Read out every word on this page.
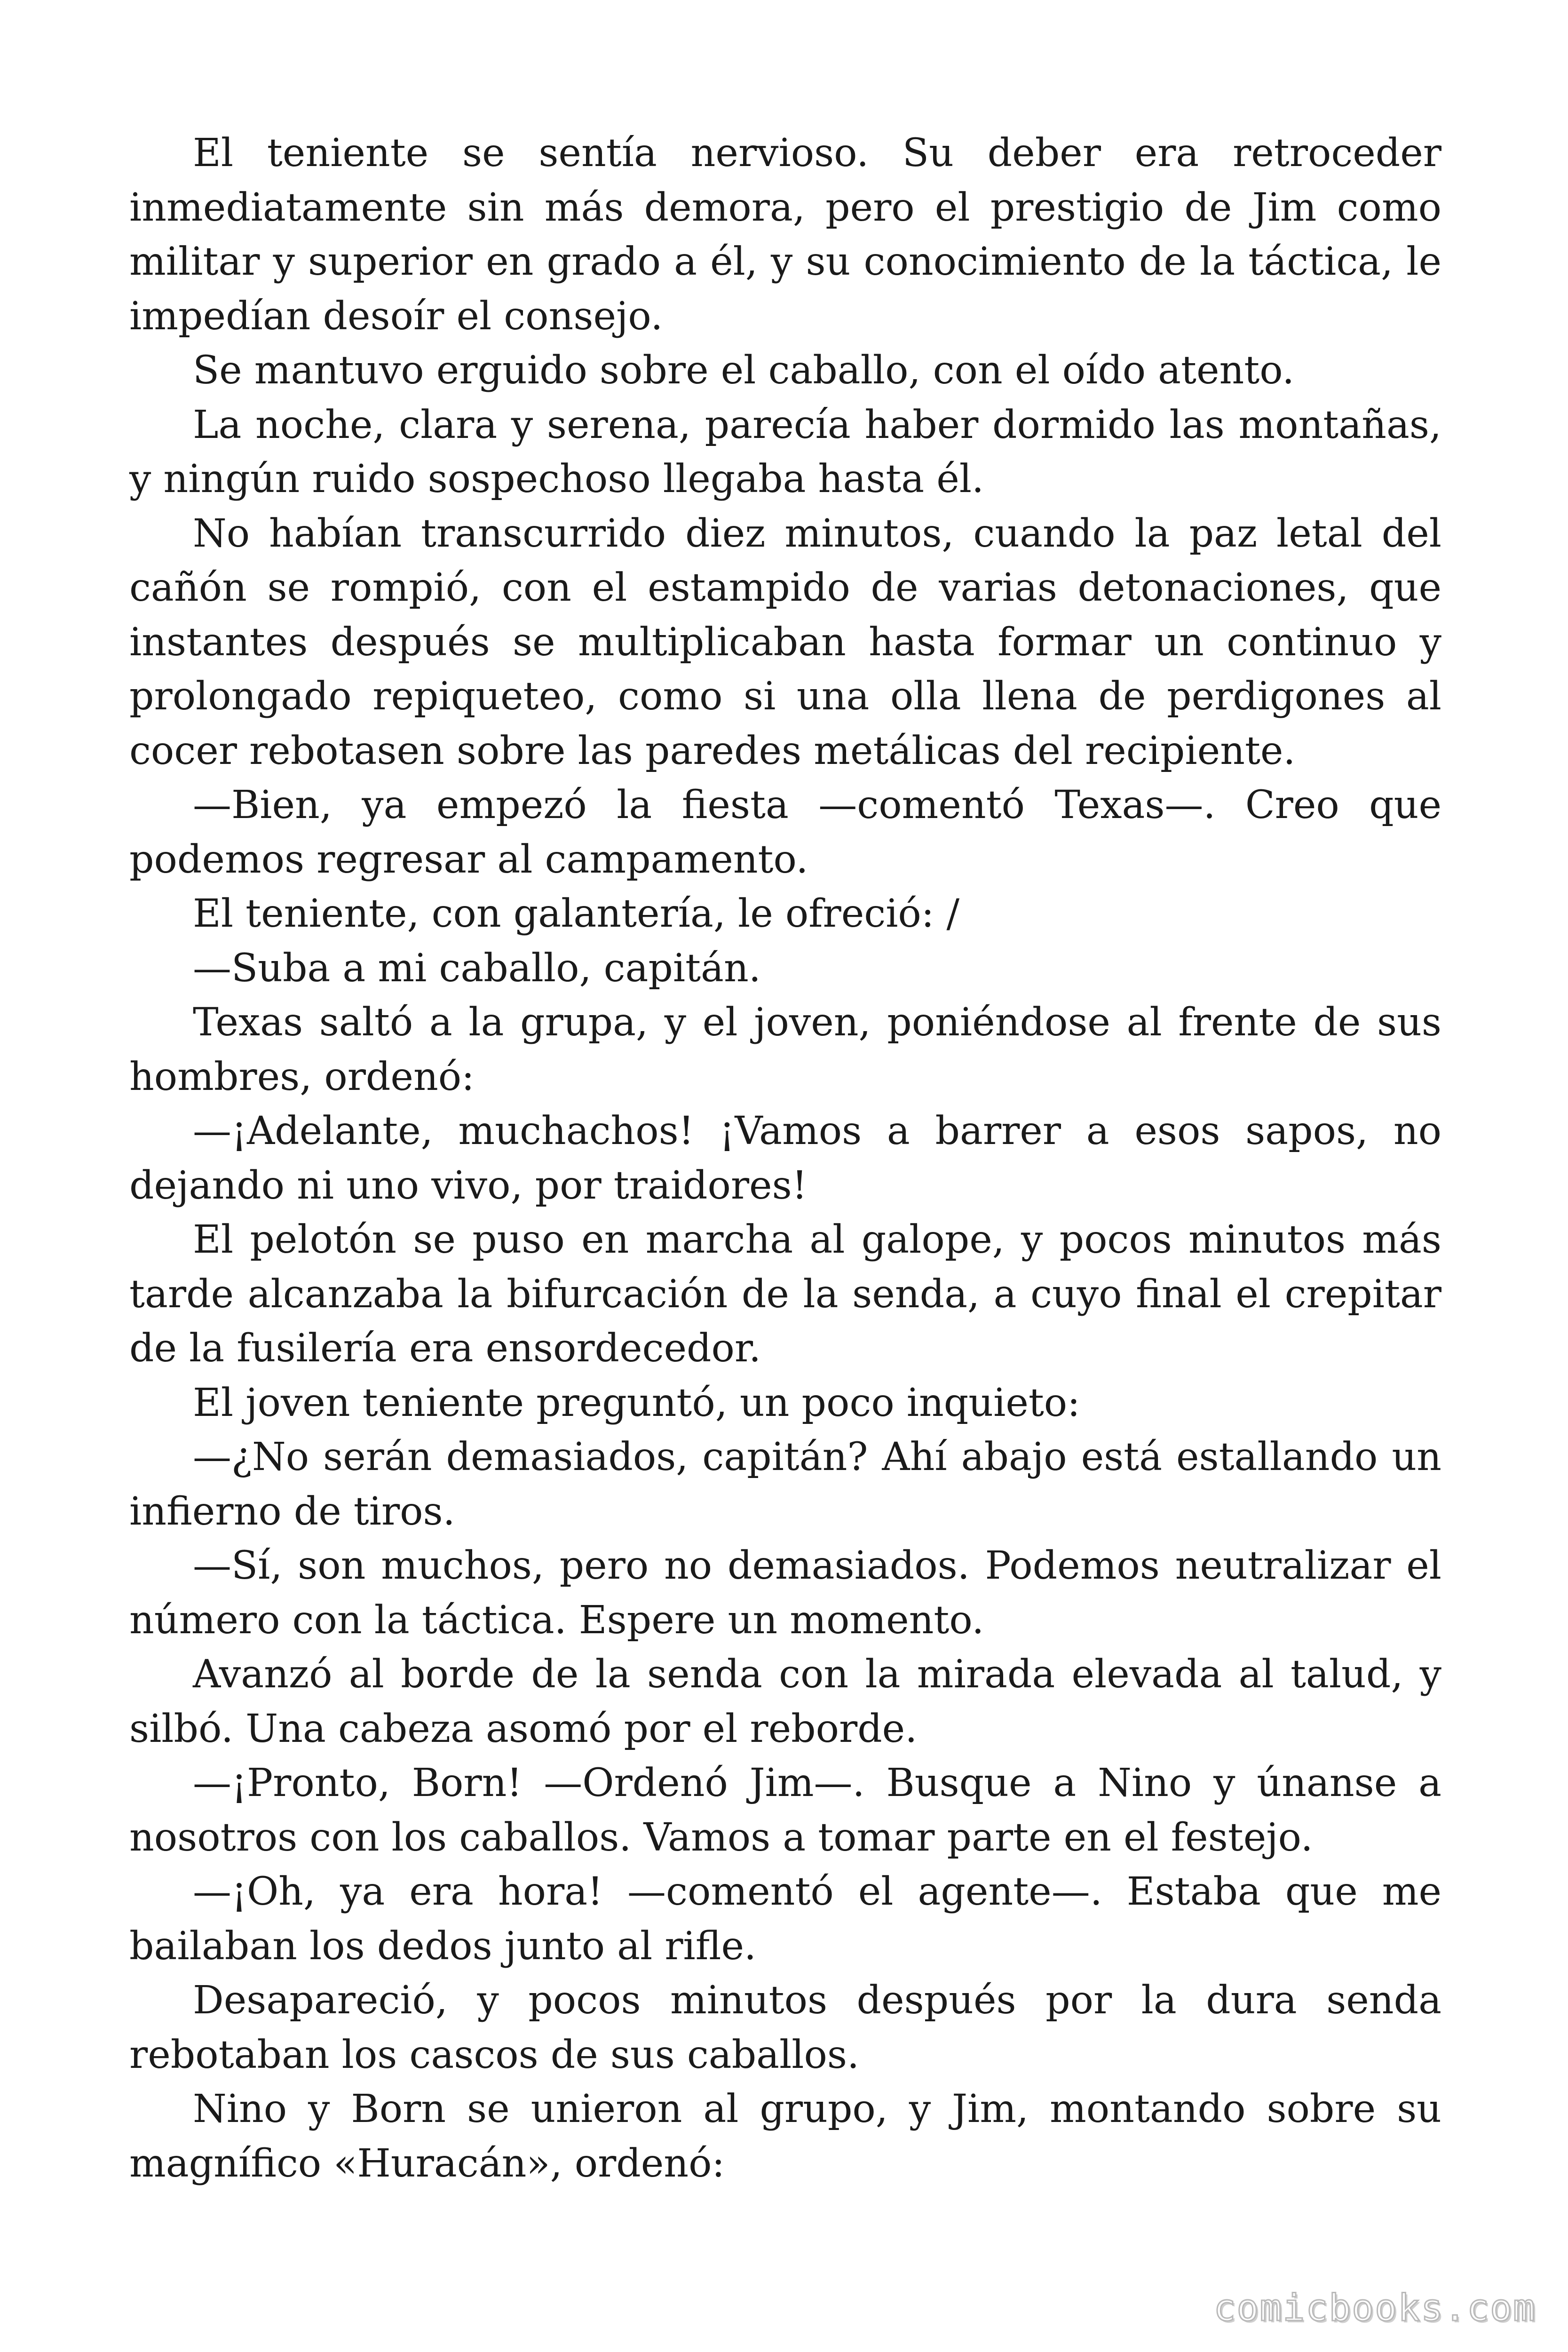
El teniente se sentía nervioso. Su deber era retroceder inmediatamente sin más demora, pero el prestigio de Jim como militar y superior en grado a él, y su conocimiento de la táctica, le impedían desoír el consejo.

Se mantuvo erguido sobre el caballo, con el oído atento.

La noche, clara y serena, parecía haber dormido las montañas, y ningún ruido sospechoso llegaba hasta él.

No habían transcurrido diez minutos, cuando la paz letal del cañón se rompió, con el estampido de varias detonaciones, que instantes después se multiplicaban hasta formar un continuo y prolongado repiqueteo, como si una olla llena de perdigones al cocer rebotasen sobre las paredes metálicas del recipiente.

—Bien, ya empezó la fiesta —comentó Texas—. Creo que podemos regresar al campamento.

El teniente, con galantería, le ofreció: /

—Suba a mi caballo, capitán.

Texas saltó a la grupa, y el joven, poniéndose al frente de sus hombres, ordenó:

—¡Adelante, muchachos! ¡Vamos a barrer a esos sapos, no dejando ni uno vivo, por traidores!

El pelotón se puso en marcha al galope, y pocos minutos más tarde alcanzaba la bifurcación de la senda, a cuyo final el crepitar de la fusilería era ensordecedor.

El joven teniente preguntó, un poco inquieto:

—¿No serán demasiados, capitán? Ahí abajo está estallando un infierno de tiros.

—Sí, son muchos, pero no demasiados. Podemos neutralizar el número con la táctica. Espere un momento.

Avanzó al borde de la senda con la mirada elevada al talud, y silbó. Una cabeza asomó por el reborde.

—¡Pronto, Born! —Ordenó Jim—. Busque a Nino y únanse a nosotros con los caballos. Vamos a tomar parte en el festejo.

—¡Oh, ya era hora! —comentó el agente—. Estaba que me bailaban los dedos junto al rifle.

Desapareció, y pocos minutos después por la dura senda rebotaban los cascos de sus caballos.

Nino y Born se unieron al grupo, y Jim, montando sobre su magnífico «Huracán», ordenó:

comicbooks.com
